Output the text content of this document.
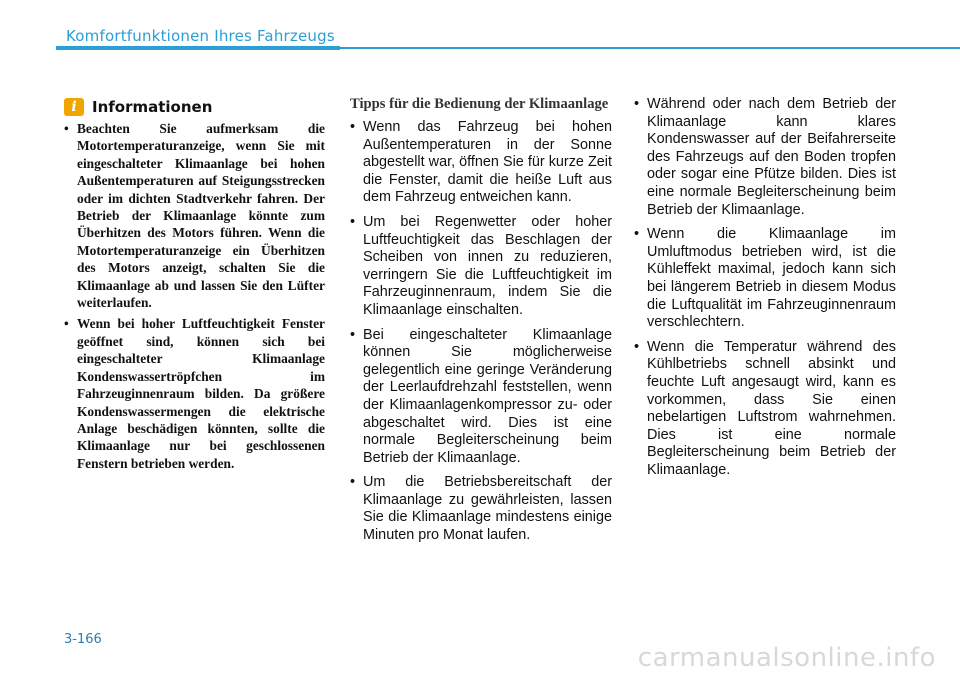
Komfortfunktionen Ihres Fahrzeugs
i	Informationen
• Beachten Sie aufmerksam die Motortemperaturanzeige, wenn Sie mit eingeschalteter Klimaanlage bei hohen Außentemperaturen auf Steigungsstrecken oder im dichten Stadtverkehr fahren. Der Betrieb der Klimaanlage könnte zum Überhitzen des Motors führen. Wenn die Motortemperaturanzeige ein Überhitzen des Motors anzeigt, schalten Sie die Klimaanlage ab und lassen Sie den Lüfter weiterlaufen.
• Wenn bei hoher Luftfeuchtigkeit Fenster geöffnet sind, können sich bei eingeschalteter Klimaanlage Kondenswassertröpfchen im Fahrzeuginnenraum bilden. Da größere Kondenswassermengen die elektrische Anlage beschädigen könnten, sollte die Klimaanlage nur bei geschlossenen Fenstern betrieben werden.
Tipps für die Bedienung der Klimaanlage
• Wenn das Fahrzeug bei hohen Außentemperaturen in der Sonne abgestellt war, öffnen Sie für kurze Zeit die Fenster, damit die heiße Luft aus dem Fahrzeug entweichen kann.
• Um bei Regenwetter oder hoher Luftfeuchtigkeit das Beschlagen der Scheiben von innen zu reduzieren, verringern Sie die Luftfeuchtigkeit im Fahrzeuginnenraum, indem Sie die Klimaanlage einschalten.
• Bei eingeschalteter Klimaanlage können Sie möglicherweise gelegentlich eine geringe Veränderung der Leerlaufdrehzahl feststellen, wenn der Klimaanlagenkompressor zu- oder abgeschaltet wird. Dies ist eine normale Begleiterscheinung beim Betrieb der Klimaanlage.
• Um die Betriebsbereitschaft der Klimaanlage zu gewährleisten, lassen Sie die Klimaanlage mindestens einige Minuten pro Monat laufen.
• Während oder nach dem Betrieb der Klimaanlage kann klares Kondenswasser auf der Beifahrerseite des Fahrzeugs auf den Boden tropfen oder sogar eine Pfütze bilden. Dies ist eine normale Begleiterscheinung beim Betrieb der Klimaanlage.
• Wenn die Klimaanlage im Umluftmodus betrieben wird, ist die Kühleffekt maximal, jedoch kann sich bei längerem Betrieb in diesem Modus die Luftqualität im Fahrzeuginnenraum verschlechtern.
• Wenn die Temperatur während des Kühlbetriebs schnell absinkt und feuchte Luft angesaugt wird, kann es vorkommen, dass Sie einen nebelartigen Luftstrom wahrnehmen. Dies ist eine normale Begleiterscheinung beim Betrieb der Klimaanlage.
3-166
carmanualsonline.info
